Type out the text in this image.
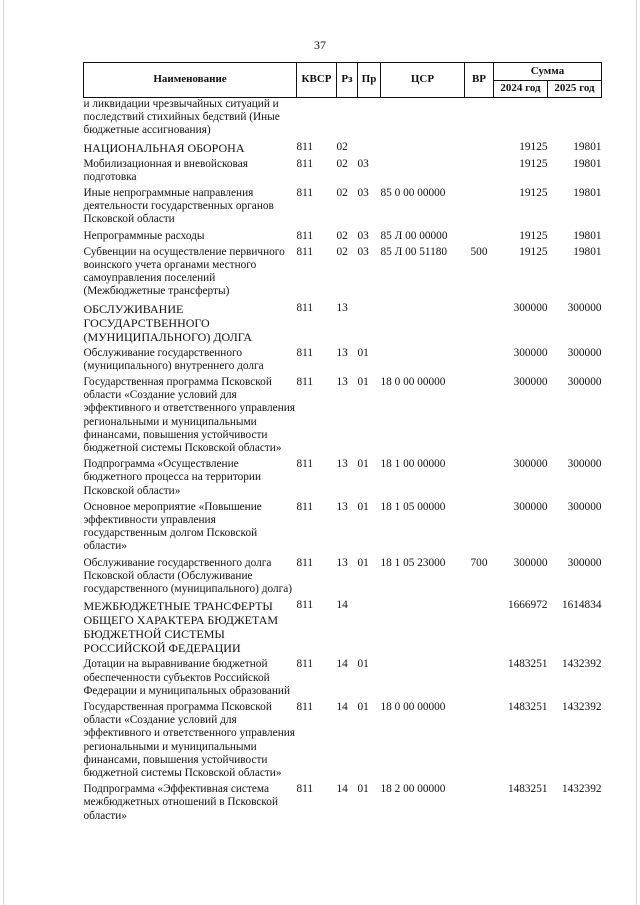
37
Наименование	КВСР	Рз	Пр	ЦСР	ВР	Сумма	
						2024 год	2025 год
и ликвидации чрезвычайных ситуаций и последствий стихийных бедствий (Иные бюджетные ассигнования)							
НАЦИОНАЛЬНАЯ ОБОРОНА	811	02				19125	19801
Мобилизационная и вневойсковая подготовка	811	02	03			19125	19801
Иные непрограммные направления деятельности государственных органов Псковской области	811	02	03	85 0 00 00000		19125	19801
Непрограммные расходы	811	02	03	85 Л 00 00000		19125	19801
Субвенции на осуществление первичного воинского учета органами местного самоуправления поселений (Межбюджетные трансферты)	811	02	03	85 Л 00 51180	500	19125	19801
ОБСЛУЖИВАНИЕ ГОСУДАРСТВЕННОГО (МУНИЦИПАЛЬНОГО) ДОЛГА	811	13				300000	300000
Обслуживание государственного (муниципального) внутреннего долга	811	13	01			300000	300000
Государственная программа Псковской области «Создание условий для эффективного и ответственного управления региональными и муниципальными финансами, повышения устойчивости бюджетной системы Псковской области»	811	13	01	18 0 00 00000		300000	300000
Подпрограмма «Осуществление бюджетного процесса на территории Псковской области»	811	13	01	18 1 00 00000		300000	300000
Основное мероприятие «Повышение эффективности управления государственным долгом Псковской области»	811	13	01	18 1 05 00000		300000	300000
Обслуживание государственного долга Псковской области (Обслуживание государственного (муниципального) долга)	811	13	01	18 1 05 23000	700	300000	300000
МЕЖБЮДЖЕТНЫЕ ТРАНСФЕРТЫ ОБЩЕГО ХАРАКТЕРА БЮДЖЕТАМ БЮДЖЕТНОЙ СИСТЕМЫ РОССИЙСКОЙ ФЕДЕРАЦИИ	811	14				1666972	1614834
Дотации на выравнивание бюджетной обеспеченности субъектов Российской Федерации и муниципальных образований	811	14	01			1483251	1432392
Государственная программа Псковской области «Создание условий для эффективного и ответственного управления региональными и муниципальными финансами, повышения устойчивости бюджетной системы Псковской области»	811	14	01	18 0 00 00000		1483251	1432392
Подпрограмма «Эффективная система межбюджетных отношений в Псковской области»	811	14	01	18 2 00 00000		1483251	1432392
